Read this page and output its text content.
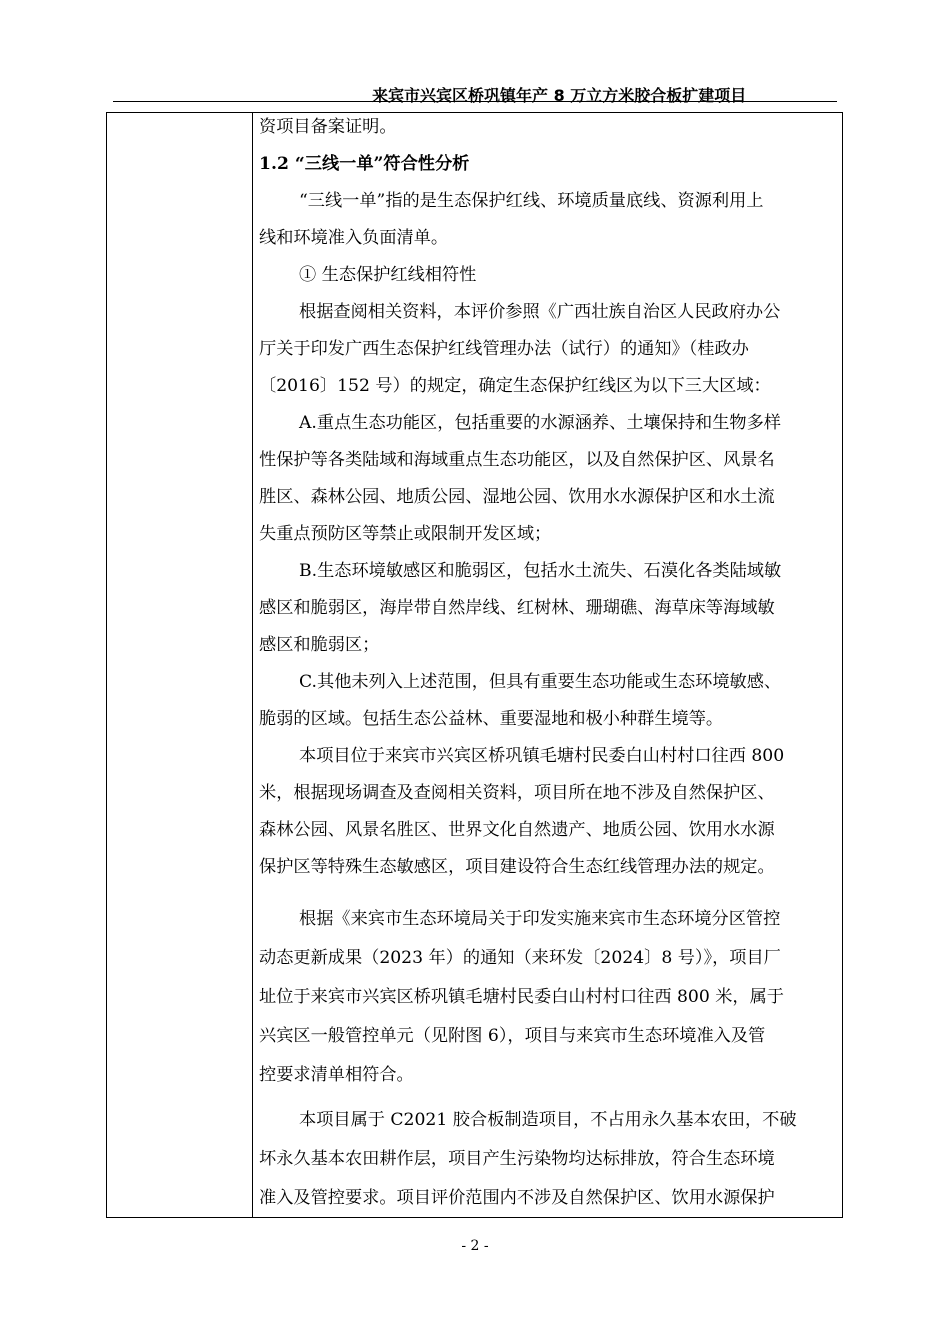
来宾市兴宾区桥巩镇年产 8 万立方米胶合板扩建项目
资项目备案证明。
1.2 “三线一单”符合性分析
“三线一单”指的是生态保护红线、环境质量底线、资源利用上
线和环境准入负面清单。
① 生态保护红线相符性
根据查阅相关资料，本评价参照《广西壮族自治区人民政府办公
厅关于印发广西生态保护红线管理办法（试行）的通知》（桂政办
〔2016〕152 号）的规定，确定生态保护红线区为以下三大区域：
A.重点生态功能区，包括重要的水源涵养、土壤保持和生物多样
性保护等各类陆域和海域重点生态功能区，以及自然保护区、风景名
胜区、森林公园、地质公园、湿地公园、饮用水水源保护区和水土流
失重点预防区等禁止或限制开发区域；
B.生态环境敏感区和脆弱区，包括水土流失、石漠化各类陆域敏
感区和脆弱区，海岸带自然岸线、红树林、珊瑚礁、海草床等海域敏
感区和脆弱区；
C.其他未列入上述范围，但具有重要生态功能或生态环境敏感、
脆弱的区域。包括生态公益林、重要湿地和极小种群生境等。
本项目位于来宾市兴宾区桥巩镇毛塘村民委白山村村口往西 800
米，根据现场调查及查阅相关资料，项目所在地不涉及自然保护区、
森林公园、风景名胜区、世界文化自然遗产、地质公园、饮用水水源
保护区等特殊生态敏感区，项目建设符合生态红线管理办法的规定。
根据《来宾市生态环境局关于印发实施来宾市生态环境分区管控
动态更新成果（2023 年）的通知（来环发〔2024〕8 号）》，项目厂
址位于来宾市兴宾区桥巩镇毛塘村民委白山村村口往西 800 米，属于
兴宾区一般管控单元（见附图 6），项目与来宾市生态环境准入及管
控要求清单相符合。
本项目属于 C2021 胶合板制造项目，不占用永久基本农田，不破
坏永久基本农田耕作层，项目产生污染物均达标排放，符合生态环境
准入及管控要求。项目评价范围内不涉及自然保护区、饮用水源保护
- 2 -
